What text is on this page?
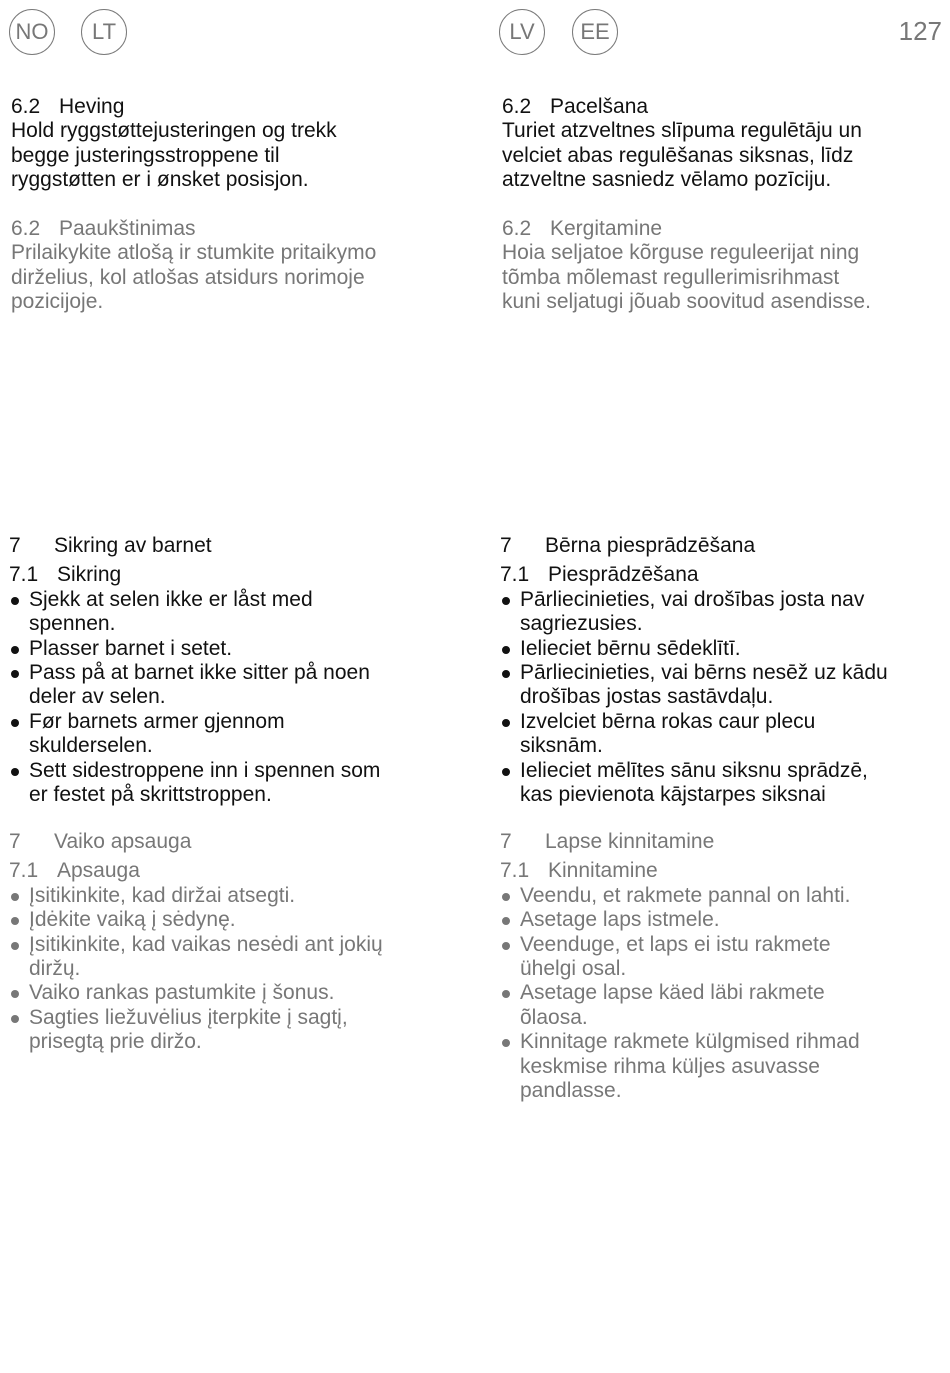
NO LT	LV EE	127
6.2 Heving

Hold ryggstøttejusteringen og trekk

begge justeringsstroppene til

ryggstøtten er i ønsket posisjon.

6.2 Paaukštinimas

Prilaikykite atlošą ir stumkite pritaikymo

dirželius, kol atlošas atsidurs norimoje

pozicijoje.

6.2 Pacelšana

Turiet atzveltnes slīpuma regulētāju un

velciet abas regulēšanas siksnas, līdz

atzveltne sasniedz vēlamo pozīciju.

6.2 Kergitamine

Hoia seljatoe kõrguse reguleerijat ning

tõmba mõlemast regullerimisrihmast

kuni seljatugi jõuab soovitud asendisse.

7 Sikring av barnet
7.1 Sikring
Sjekk at selen ikke er låst med
spennen.
Plasser barnet i setet.
Pass på at barnet ikke sitter på noen
deler av selen.
Før barnets armer gjennom
skulderselen.
Sett sidestroppene inn i spennen som
er festet på skrittstroppen.
7 Vaiko apsauga
7.1 Apsauga
Įsitikinkite, kad diržai atsegti.
Įdėkite vaiką į sėdynę.
Įsitikinkite, kad vaikas nesėdi ant jokių
diržų.
Vaiko rankas pastumkite į šonus.
Sagties liežuvėlius įterpkite į sagtį,
prisegtą prie diržo.
7 Bērna piesprādzēšana
7.1 Piesprādzēšana
Pārliecinieties, vai drošības josta nav
sagriezusies.
Ielieciet bērnu sēdeklītī.
Pārliecinieties, vai bērns nesēž uz kādu
drošības jostas sastāvdaļu.
Izvelciet bērna rokas caur plecu
siksnām.
Ielieciet mēlītes sānu siksnu sprādzē,
kas pievienota kājstarpes siksnai
7 Lapse kinnitamine
7.1 Kinnitamine
Veendu, et rakmete pannal on lahti.
Asetage laps istmele.
Veenduge, et laps ei istu rakmete
ühelgi osal.
Asetage lapse käed läbi rakmete
õlaosa.
Kinnitage rakmete külgmised rihmad
keskmise rihma küljes asuvasse
pandlasse.
